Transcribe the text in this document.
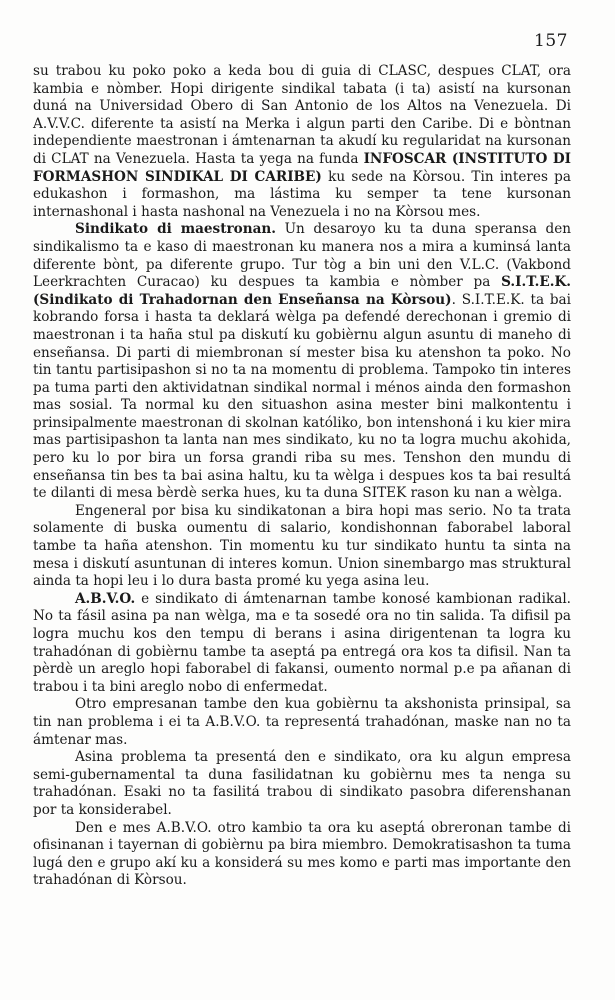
157

su trabou ku poko poko a keda bou di guia di CLASC, despues CLAT, ora kambia e nòmber. Hopi dirigente sindikal tabata (i ta) asistí na kursonan duná na Universidad Obero di San Antonio de los Altos na Venezuela. Di A.V.V.C. diferente ta asistí na Merka i algun parti den Caribe. Di e bòntnan independiente maestronan i ámtenarnan ta akudí ku regularidat na kursonan di CLAT na Venezuela. Hasta ta yega na funda INFOSCAR (INSTITUTO DI FORMASHON SINDIKAL DI CARIBE) ku sede na Kòrsou. Tin interes pa edukashon i formashon, ma lástima ku semper ta tene kursonan internashonal i hasta nashonal na Venezuela i no na Kòrsou mes.

Sindikato di maestronan. Un desaroyo ku ta duna speransa den sindikalismo ta e kaso di maestronan ku manera nos a mira a kuminsá lanta diferente bònt, pa diferente grupo. Tur tòg a bin uni den V.L.C. (Vakbond Leerkrachten Curacao) ku despues ta kambia e nòmber pa S.I.T.E.K. (Sindikato di Trahadornan den Enseñansa na Kòrsou). S.I.T.E.K. ta bai kobrando forsa i hasta ta deklará wèlga pa defendé derechonan i gremio di maestronan i ta haña stul pa diskutí ku gobièrnu algun asuntu di maneho di enseñansa. Di parti di miembronan sí mester bisa ku atenshon ta poko. No tin tantu partisipashon si no ta na momentu di problema. Tampoko tin interes pa tuma parti den aktividatnan sindikal normal i ménos ainda den formashon mas sosial. Ta normal ku den situashon asina mester bini malkontentu i prinsipalmente maestronan di skolnan katóliko, bon intenshoná i ku kier mira mas partisipashon ta lanta nan mes sindikato, ku no ta logra muchu akohida, pero ku lo por bira un forsa grandi riba su mes. Tenshon den mundu di enseñansa tin bes ta bai asina haltu, ku ta wèlga i despues kos ta bai resultá te dilanti di mesa bèrdè serka hues, ku ta duna SITEK rason ku nan a wèlga.

Engeneral por bisa ku sindikatonan a bira hopi mas serio. No ta trata solamente di buska oumentu di salario, kondishonnan faborabel laboral tambe ta haña atenshon. Tin momentu ku tur sindikato huntu ta sinta na mesa i diskutí asuntunan di interes komun. Union sinembargo mas struktural ainda ta hopi leu i lo dura basta promé ku yega asina leu.

A.B.V.O. e sindikato di ámtenarnan tambe konosé kambionan radikal. No ta fásil asina pa nan wèlga, ma e ta sosedé ora no tin salida. Ta difisil pa logra muchu kos den tempu di berans i asina dirigentenan ta logra ku trahadónan di gobièrnu tambe ta aseptá pa entregá ora kos ta difisil. Nan ta pèrdè un areglo hopi faborabel di fakansi, oumento normal p.e pa añanan di trabou i ta bini areglo nobo di enfermedat.

Otro empresanan tambe den kua gobièrnu ta akshonista prinsipal, sa tin nan problema i ei ta A.B.V.O. ta representá trahadónan, maske nan no ta ámtenar mas.

Asina problema ta presentá den e sindikato, ora ku algun empresa semi-gubernamental ta duna fasilidatnan ku gobièrnu mes ta nenga su trahadónan. Esaki no ta fasilitá trabou di sindikato pasobra diferenshanan por ta konsiderabel.

Den e mes A.B.V.O. otro kambio ta ora ku aseptá obreronan tambe di ofisinanan i tayernan di gobièrnu pa bira miembro. Demokratisashon ta tuma lugá den e grupo akí ku a konsiderá su mes komo e parti mas importante den trahadónan di Kòrsou.
